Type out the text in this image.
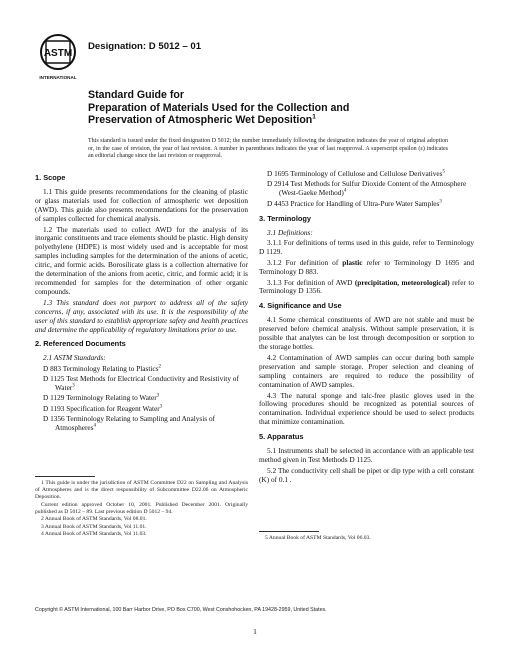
ASTM
INTERNATIONAL
Designation: D 5012 – 01
Standard Guide for
Preparation of Materials Used for the Collection and
Preservation of Atmospheric Wet Deposition$^1$
This standard is issued under the fixed designation D 5012; the number immediately following the designation indicates the year of original adoption or, in the case of revision, the year of last revision. A number in parentheses indicates the year of last reapproval. A superscript epsilon (ε) indicates an editorial change since the last revision or reapproval.
1. Scope
1.1 This guide presents recommendations for the cleaning of plastic or glass materials used for collection of atmospheric wet deposition (AWD). This guide also presents recommendations for the preservation of samples collected for chemical analysis.
1.2 The materials used to collect AWD for the analysis of its inorganic constituents and trace elements should be plastic. High density polyethylene (HDPE) is most widely used and is acceptable for most samples including samples for the determination of the anions of acetic, citric, and formic acids. Borosilicate glass is a collection alternative for the determination of the anions from acetic, citric, and formic acid; it is recommended for samples for the determination of other organic compounds.
1.3 This standard does not purport to address all of the safety concerns, if any, associated with its use. It is the responsibility of the user of this standard to establish appropriate safety and health practices and determine the applicability of regulatory limitations prior to use.
2. Referenced Documents
2.1 ASTM Standards:
D 883 Terminology Relating to Plastics$^2$
D 1125 Test Methods for Electrical Conductivity and Resistivity of Water$^3$
D 1129 Terminology Relating to Water$^3$
D 1193 Specification for Reagent Water$^3$
D 1356 Terminology Relating to Sampling and Analysis of Atmospheres$^4$
D 1695 Terminology of Cellulose and Cellulose Derivatives$^5$
D 2914 Test Methods for Sulfur Dioxide Content of the Atmosphere (West-Gaeke Method)$^4$
D 4453 Practice for Handling of Ultra-Pure Water Samples$^3$
3. Terminology
3.1 Definitions:
3.1.1 For definitions of terms used in this guide, refer to Terminology D 1129.
3.1.2 For definition of plastic refer to Terminology D 1695 and Terminology D 883.
3.1.3 For definition of AWD (precipitation, meteorological) refer to Terminology D 1356.
4. Significance and Use
4.1 Some chemical constituents of AWD are not stable and must be preserved before chemical analysis. Without sample preservation, it is possible that analytes can be lost through decomposition or sorption to the storage bottles.
4.2 Contamination of AWD samples can occur during both sample preservation and sample storage. Proper selection and cleaning of sampling containers are required to reduce the possibility of contamination of AWD samples.
4.3 The natural sponge and talc-free plastic gloves used in the following procedures should be recognized as potential sources of contamination. Individual experience should be used to select products that minimize contamination.
5. Apparatus
5.1 Instruments shall be selected in accordance with an applicable test method given in Test Methods D 1125.
5.2 The conductivity cell shall be pipet or dip type with a cell constant (K) of 0.1 .
1 This guide is under the jurisdiction of ASTM Committee D22 on Sampling and Analysis of Atmospheres and is the direct responsibility of Subcommittee D22.06 on Atmospheric Deposition.
Current edition approved October 10, 2001. Published December 2001. Originally published as D 5012 – 89. Last previous edition D 5012 – 94.
2 Annual Book of ASTM Standards, Vol 08.01.
3 Annual Book of ASTM Standards, Vol 11.01.
4 Annual Book of ASTM Standards, Vol 11.03.
5 Annual Book of ASTM Standards, Vol 06.03.
Copyright © ASTM International, 100 Barr Harbor Drive, PO Box C700, West Conshohocken, PA 19428-2959, United States.
1
